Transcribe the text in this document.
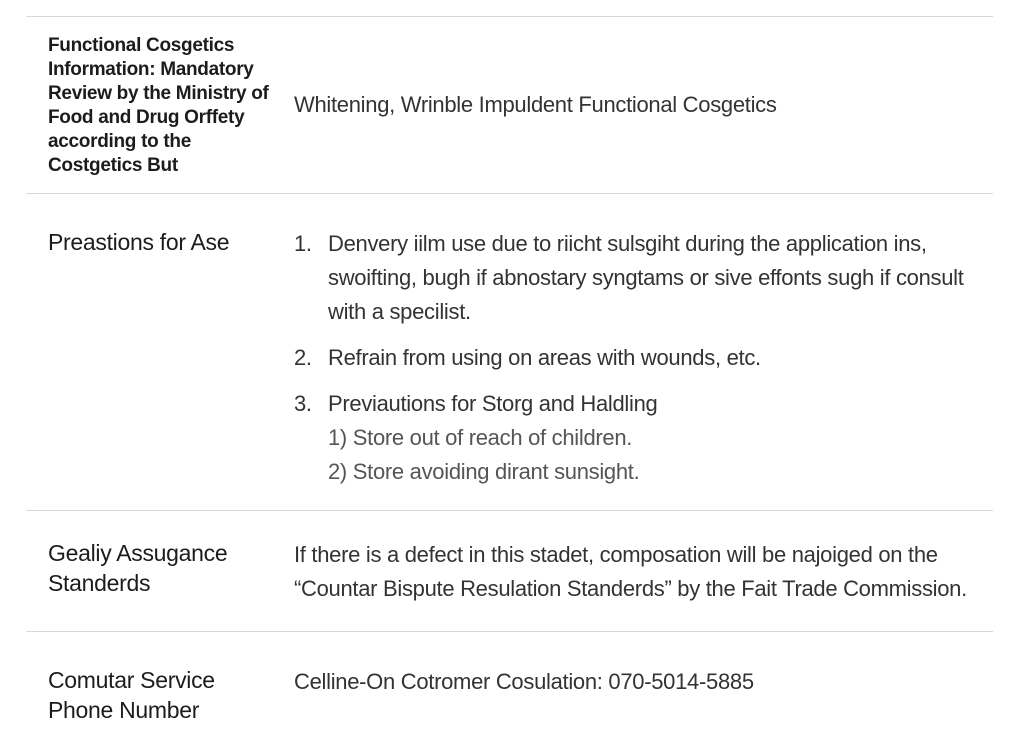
Functional Cosgetics Information: Mandatory Review by the Ministry of Food and Drug Orffety according to the Costgetics But
Whitening, Wrinble Impuldent Functional Cosgetics
Preastions for Ase	1. Denvery iilm use due to riicht sulsgiht during the application ins, swoifting, bugh if abnostary syngtams or sive effonts sugh if consult with a specilist.
2. Refrain from using on areas with wounds, etc.
3. Previautions for Storg and Haldling
1) Store out of reach of children.
2) Store avoiding dirant sunsight.
Gealiy Assugance Standerds
If there is a defect in this stadet, composation will be najoiged on the “Countar Bispute Resulation Standerds” by the Fait Trade Commission.
Comutar Service Phone Number
Celline-On Cotromer Cosulation: 070-5014-5885
